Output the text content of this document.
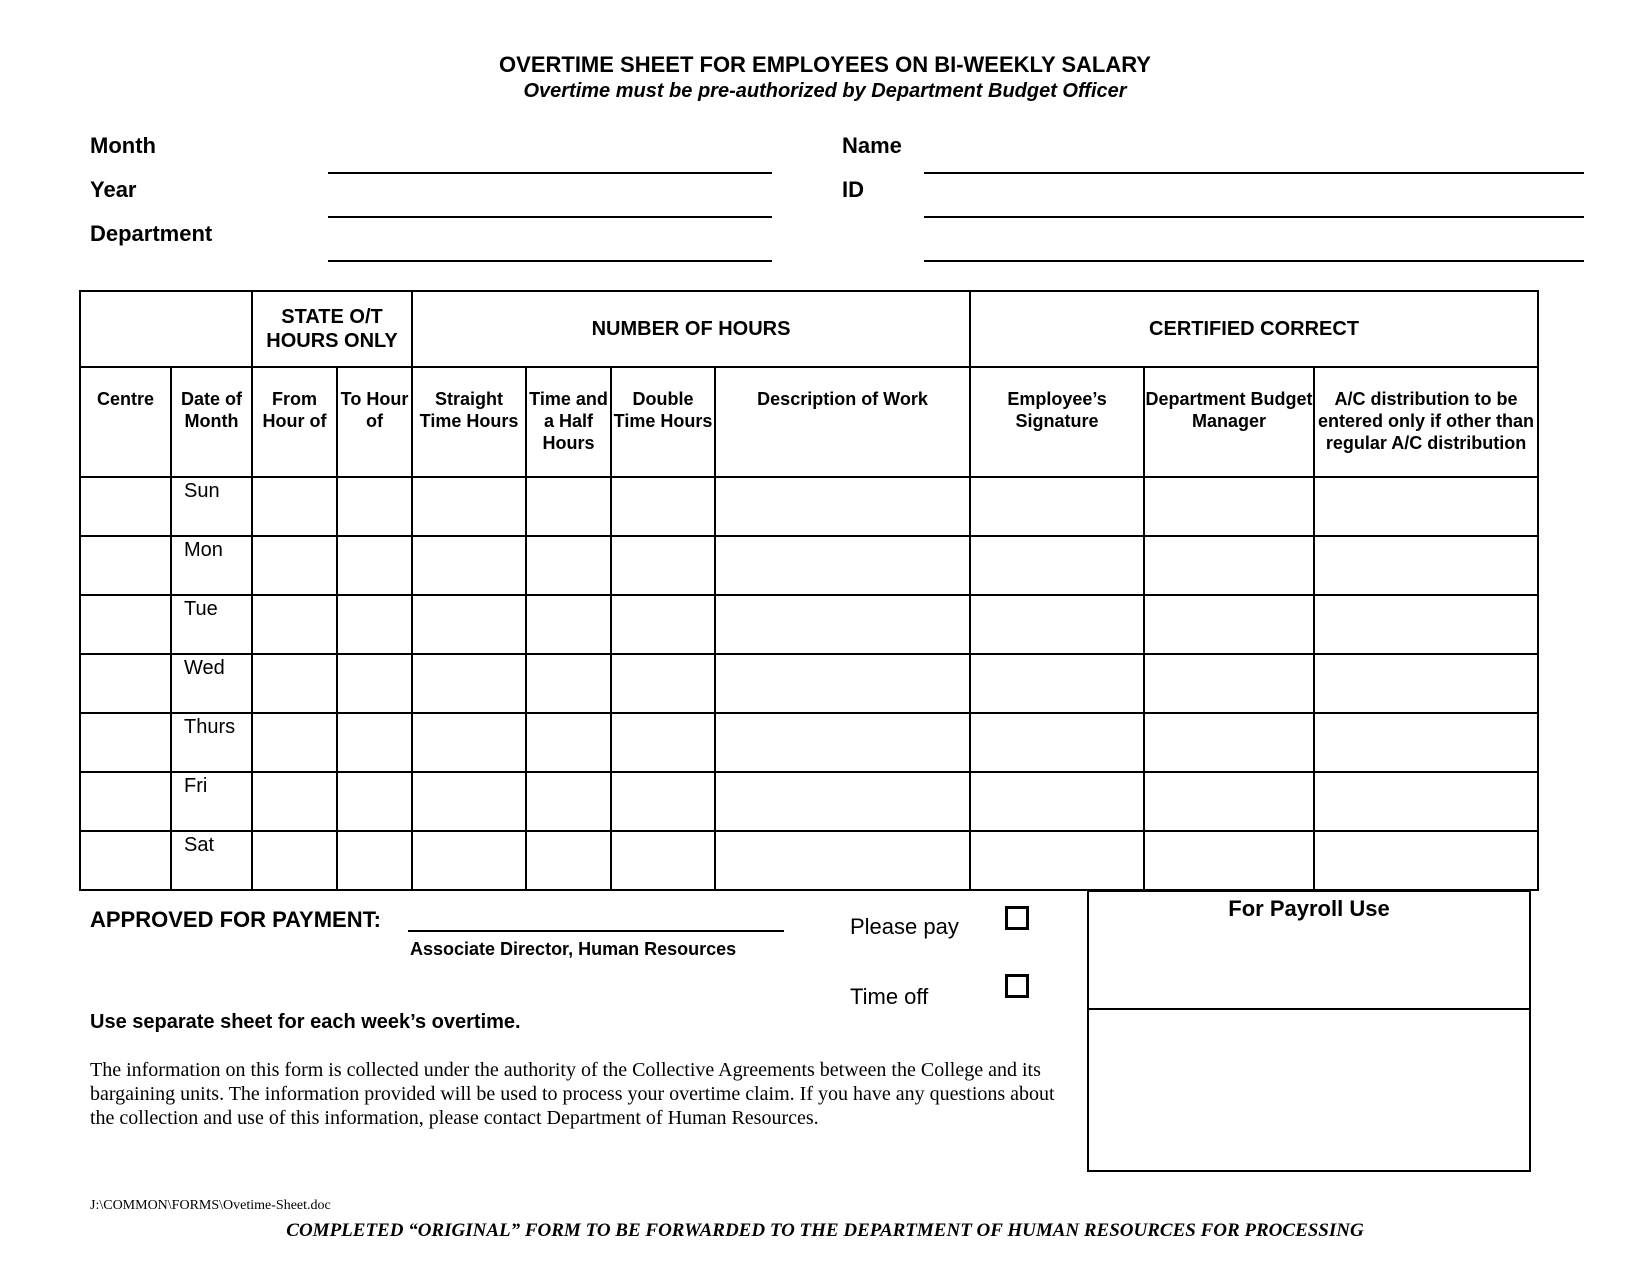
OVERTIME SHEET FOR EMPLOYEES ON BI-WEEKLY SALARY
Overtime must be pre-authorized by Department Budget Officer
Month
Year
Department
Name
ID
		STATE O/T HOURS ONLY		NUMBER OF HOURS				CERTIFIED CORRECT		
Centre	Date of Month	From Hour of	To Hour of	Straight Time Hours	Time and a Half Hours	Double Time Hours	Description of Work	Employee’s Signature	Department Budget Manager	A/C distribution to be entered only if other than regular A/C distribution
	Sun									
	Mon									
	Tue									
	Wed									
	Thurs									
	Fri									
	Sat									
APPROVED FOR PAYMENT:
Associate Director, Human Resources
Please pay
Time off
For Payroll Use
Use separate sheet for each week’s overtime.
The information on this form is collected under the authority of the Collective Agreements between the College and its bargaining units. The information provided will be used to process your overtime claim. If you have any questions about the collection and use of this information, please contact Department of Human Resources.
J:\COMMON\FORMS\Ovetime-Sheet.doc
COMPLETED “ORIGINAL” FORM TO BE FORWARDED TO THE DEPARTMENT OF HUMAN RESOURCES FOR PROCESSING
